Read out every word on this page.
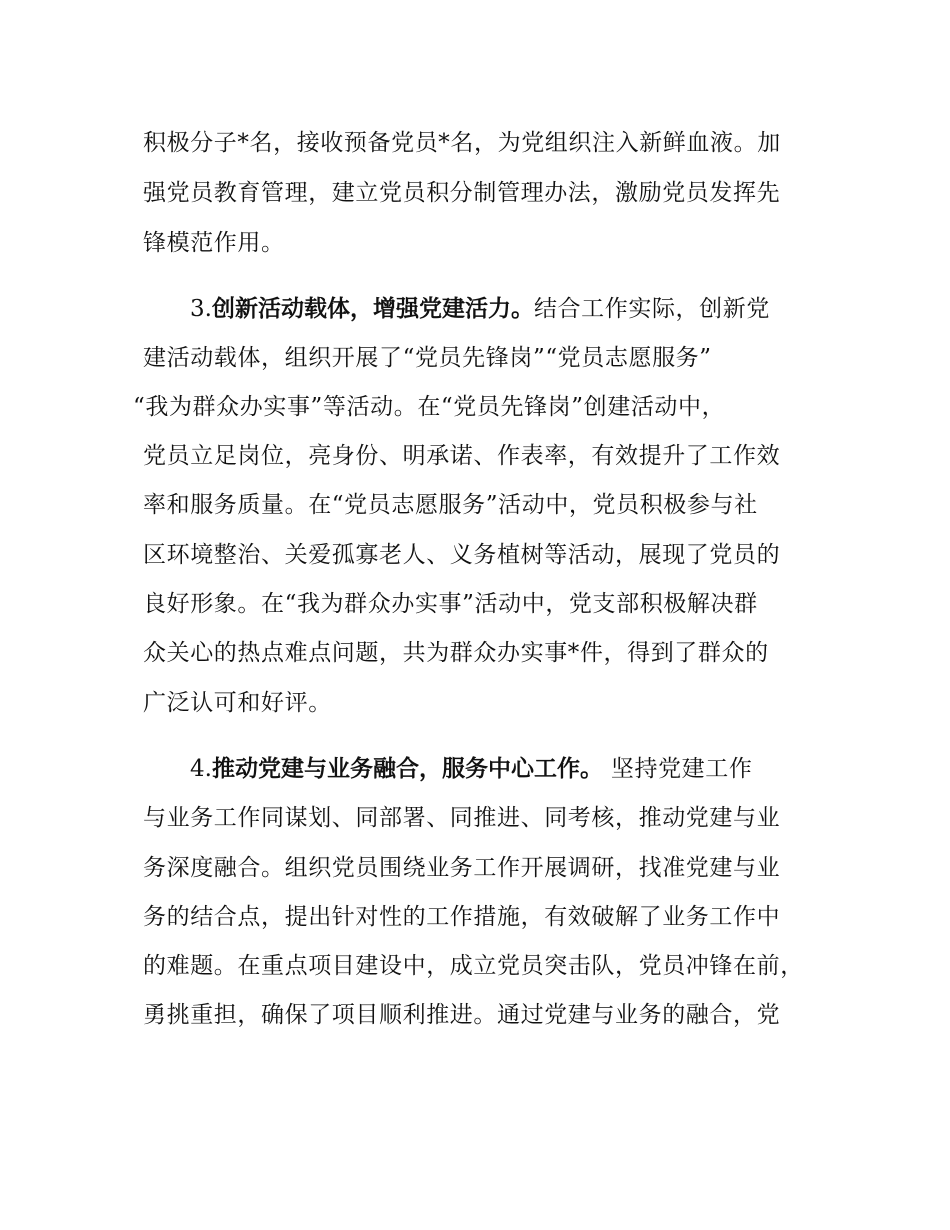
积极分子*名，接收预备党员*名，为党组织注入新鲜血液。加
强党员教育管理，建立党员积分制管理办法，激励党员发挥先
锋模范作用。
3.创新活动载体，增强党建活力。结合工作实际，创新党
建活动载体，组织开展了“党员先锋岗”“党员志愿服务”
“我为群众办实事”等活动。在“党员先锋岗”创建活动中，
党员立足岗位，亮身份、明承诺、作表率，有效提升了工作效
率和服务质量。在“党员志愿服务”活动中，党员积极参与社
区环境整治、关爱孤寡老人、义务植树等活动，展现了党员的
良好形象。在“我为群众办实事”活动中，党支部积极解决群
众关心的热点难点问题，共为群众办实事*件，得到了群众的
广泛认可和好评。
4.推动党建与业务融合，服务中心工作。 坚持党建工作
与业务工作同谋划、同部署、同推进、同考核，推动党建与业
务深度融合。组织党员围绕业务工作开展调研，找准党建与业
务的结合点，提出针对性的工作措施，有效破解了业务工作中
的难题。在重点项目建设中，成立党员突击队，党员冲锋在前，
勇挑重担，确保了项目顺利推进。通过党建与业务的融合，党
